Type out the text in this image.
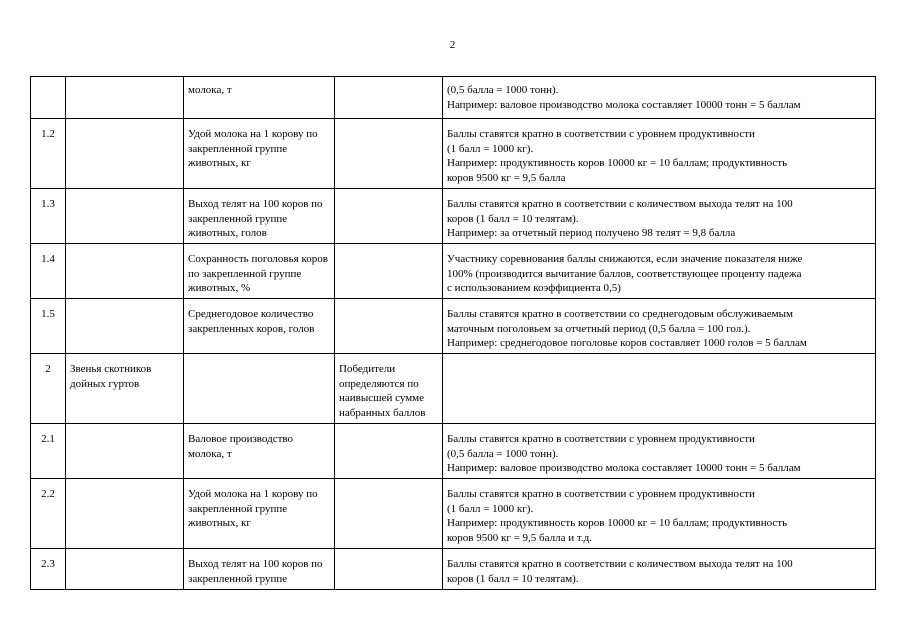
2
		молока, т		(0,5 балла = 1000 тонн).
Например: валовое производство молока составляет 10000 тонн = 5 баллам

1.2		Удой молока на 1 корову по закрепленной группе животных, кг		Баллы ставятся кратно в соответствии с уровнем продуктивности
(1 балл = 1000 кг).
Например: продуктивность коров 10000 кг = 10 баллам; продуктивность
коров 9500 кг = 9,5 балла

1.3		Выход телят на 100 коров по закрепленной группе животных, голов		Баллы ставятся кратно в соответствии с количеством выхода телят на 100
коров (1 балл = 10 телятам).
Например: за отчетный период получено 98 телят = 9,8 балла

1.4		Сохранность поголовья коров по закрепленной группе животных, %		Участнику соревнования баллы снижаются, если значение показателя ниже
100% (производится вычитание баллов, соответствующее проценту падежа
с использованием коэффициента 0,5)

1.5		Среднегодовое количество закрепленных коров, голов		Баллы ставятся кратно в соответствии со среднегодовым обслуживаемым
маточным поголовьем за отчетный период (0,5 балла = 100 гол.).
Например: среднегодовое поголовье коров составляет 1000 голов = 5 баллам

2	Звенья скотников дойных гуртов		Победители определяются по наивысшей сумме набранных баллов	
2.1		Валовое производство молока, т		Баллы ставятся кратно в соответствии с уровнем продуктивности
(0,5 балла = 1000 тонн).
Например: валовое производство молока составляет 10000 тонн = 5 баллам

2.2		Удой молока на 1 корову по закрепленной группе животных, кг		Баллы ставятся кратно в соответствии с уровнем продуктивности
(1 балл = 1000 кг).
Например: продуктивность коров 10000 кг = 10 баллам; продуктивность
коров 9500 кг = 9,5 балла и т.д.

2.3		Выход телят на 100 коров по закрепленной группе		Баллы ставятся кратно в соответствии с количеством выхода телят на 100
коров (1 балл = 10 телятам).
